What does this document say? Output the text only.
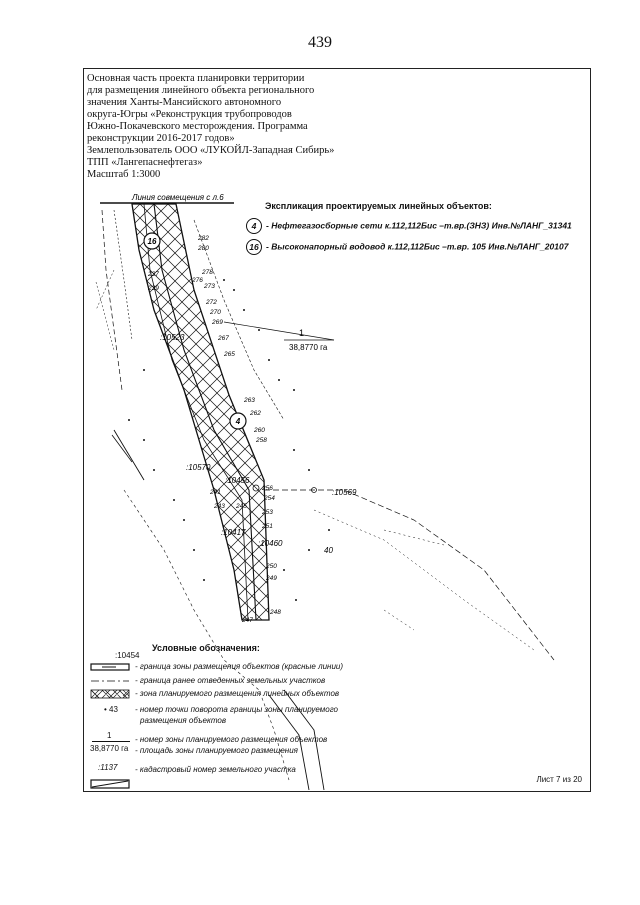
439
Основная часть проекта планировки территории
для размещения линейного объекта регионального
значения Ханты-Мансийского автономного
округа-Югры «Реконструкция трубопроводов
Южно-Покачевского месторождения. Программа
реконструкции 2016-2017 годов»
Землепользователь ООО «ЛУКОЙЛ-Западная Сибирь»
ТПП «Лангепаснефтегаз»
Масштаб 1:3000
Экспликация проектируемых линейных объектов:
4 - Нефтегазосборные сети к.112,112Бис –т.вр.(ЗНЗ) Инв.№ЛАНГ_31341
16 - Высоконапорный водовод к.112,112Бис –т.вр. 105 Инв.№ЛАНГ_20107
Линия совмещения с л.6
1
38,8770 га
16
4
:10523
:10570
:10456
:10569
:10417
:10460
40
282
280
278
276
273
272
270
269
267
265
263
262
260
258
256
254
253
251
250
249
248
247
243
241
239
237
245
Условные обозначения:
:10454
- граница зоны размещения объектов (красные линии)
- граница ранее отведенных земельных участков
- зона планируемого размещения линейных объектов
• 43 - номер точки поворота границы зоны планируемого
размещения объектов
1
38,8770 га
- номер зоны планируемого размещения объектов
- площадь зоны планируемого размещения
:1137 - кадастровый номер земельного участка
Лист 7 из 20
